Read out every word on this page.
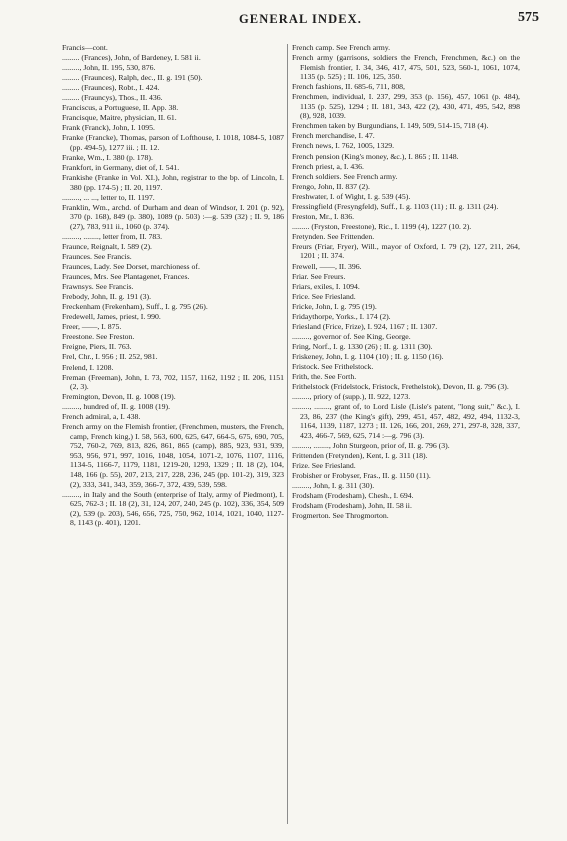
GENERAL INDEX.	575

Francis—cont.

......... (Frances), John, of Bardeney, I. 581 ii.

........., John, II. 195, 530, 876.

......... (Fraunces), Ralph, dec., II. g. 191 (50).

......... (Fraunces), Robt., I. 424.

......... (Frauncys), Thos., II. 436.

Franciscus, a Portuguese, II. App. 38.

Francisque, Maitre, physician, II. 61.

Frank (Franck), John, I. 1095.

Franke (Francke), Thomas, parson of Lofthouse, I. 1018, 1084-5, 1087 (pp. 494-5), 1277 iii. ; II. 12.

Franke, Wm., I. 380 (p. 178).

Frankfort, in Germany, diet of, I. 541.

Frankishe (Franke in Vol. XI.), John, registrar to the bp. of Lincoln, I. 380 (pp. 174-5) ; II. 20, 1197.

........., ... ..., letter to, II. 1197.

Franklin, Wm., archd. of Durham and dean of Windsor, I. 201 (p. 92), 370 (p. 168), 849 (p. 380), 1089 (p. 503) :—g. 539 (32) ; II. 9, 186 (27), 783, 911 ii., 1060 (p. 374).

........., ........, letter from, II. 783.

Fraunce, Reignalt, I. 589 (2).

Fraunces. See Francis.

Fraunces, Lady. See Dorset, marchioness of.

Fraunces, Mrs. See Plantagenet, Frances.

Frawnsys. See Francis.

Frebody, John, II. g. 191 (3).

Freckenham (Frekenham), Suff., I. g. 795 (26).

Fredewell, James, priest, I. 990.

Freer, ——, I. 875.

Freestone. See Freston.

Freigne, Piers, II. 763.

Frel, Chr., I. 956 ; II. 252, 981.

Frelend, I. 1208.

Freman (Freeman), John, I. 73, 702, 1157, 1162, 1192 ; II. 206, 1151 (2, 3).

Fremington, Devon, II. g. 1008 (19).

........., hundred of, II. g. 1008 (19).

French admiral, a, I. 438.

French army on the Flemish frontier, (Frenchmen, musters, the French, camp, French king,) I. 58, 563, 600, 625, 647, 664-5, 675, 690, 705, 752, 760-2, 769, 813, 826, 861, 865 (camp), 885, 923, 931, 939, 953, 956, 971, 997, 1016, 1048, 1054, 1071-2, 1076, 1107, 1116, 1134-5, 1166-7, 1179, 1181, 1219-20, 1293, 1329 ; II. 18 (2), 104, 148, 166 (p. 55), 207, 213, 217, 228, 236, 245 (pp. 101-2), 319, 323 (2), 333, 341, 343, 359, 366-7, 372, 439, 539, 598.

........., in Italy and the South (enterprise of Italy, army of Piedmont), I. 625, 762-3 ; II. 18 (2), 31, 124, 207, 240, 245 (p. 102), 336, 354, 509 (2), 539 (p. 203), 546, 656, 725, 750, 962, 1014, 1021, 1040, 1127-8, 1143 (p. 401), 1201.

French camp. See French army.

French army (garrisons, soldiers the French, Frenchmen, &c.) on the Flemish frontier, I. 34, 346, 417, 475, 501, 523, 560-1, 1061, 1074, 1135 (p. 525) ; II. 106, 125, 350.

French fashions, II. 685-6, 711, 808,

Frenchmen, individual, I. 237, 299, 353 (p. 156), 457, 1061 (p. 484), 1135 (p. 525), 1294 ; II. 181, 343, 422 (2), 430, 471, 495, 542, 898 (8), 928, 1039.

Frenchmen taken by Burgundians, I. 149, 509, 514-15, 718 (4).

French merchandise, I. 47.

French news, I. 762, 1005, 1329.

French pension (King's money, &c.), I. 865 ; II. 1148.

French priest, a, I. 436.

French soldiers. See French army.

Frengo, John, II. 837 (2).

Freshwater, I. of Wight, I. g. 539 (45).

Fressingfield (Fresyngfeld), Suff., I. g. 1103 (11) ; II. g. 1311 (24).

Freston, Mr., I. 836.

......... (Fryston, Freestone), Ric., I. 1199 (4), 1227 (10. 2).

Fretynden. See Frittenden.

Freurs (Friar, Fryer), Will., mayor of Oxford, I. 79 (2), 127, 211, 264, 1201 ; II. 374.

Frewell, ——, II. 396.

Friar. See Freurs.

Friars, exiles, I. 1094.

Frice. See Friesland.

Fricke, John, I. g. 795 (19).

Fridaythorpe, Yorks., I. 174 (2).

Friesland (Frice, Frize), I. 924, 1167 ; II. 1307.

........., governor of. See King, George.

Fring, Norf., I. g. 1330 (26) ; II. g. 1311 (30).

Friskeney, John, I. g. 1104 (10) ; II. g. 1150 (16).

Fristock. See Frithelstock.

Frith, the. See Forth.

Frithelstock (Fridelstock, Fristock, Frethelstok), Devon, II. g. 796 (3).

........., priory of (supp.), II. 922, 1273.

........., ........, grant of, to Lord Lisle (Lisle's patent, "long suit," &c.), I. 23, 86, 237 (the King's gift), 299, 451, 457, 482, 492, 494, 1132-3, 1164, 1139, 1187, 1273 ; II. 126, 166, 201, 269, 271, 297-8, 328, 337, 423, 466-7, 569, 625, 714 :—g. 796 (3).

........., ........, John Sturgeon, prior of, II. g. 796 (3).

Frittenden (Fretynden), Kent, I. g. 311 (18).

Frize. See Friesland.

Frobisher or Frobyser, Fras., II. g. 1150 (11).

........., John, I. g. 311 (30).

Frodsham (Frodesham), Chesh., I. 694.

Frodsham (Frodesham), John, II. 58 ii.

Frogmerton. See Throgmorton.
